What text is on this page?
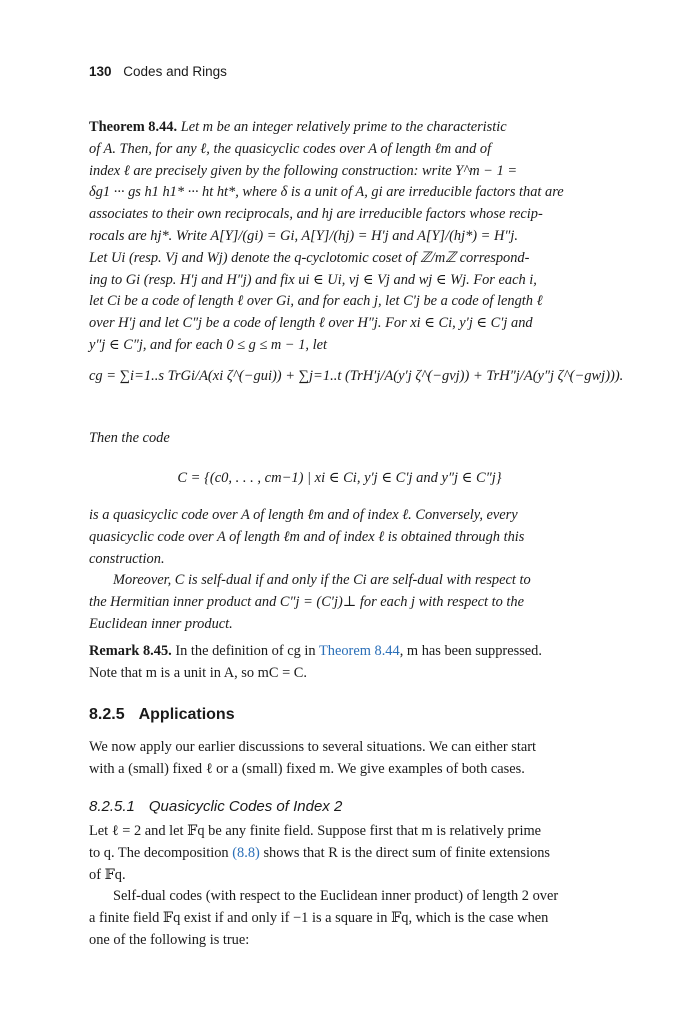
130 Codes and Rings
Theorem 8.44. Let m be an integer relatively prime to the characteristic
of A. Then, for any ℓ, the quasicyclic codes over A of length ℓm and of
index ℓ are precisely given by the following construction: write Y^m − 1 =
δg1 ··· gs h1 h1* ··· ht ht*, where δ is a unit of A, gi are irreducible factors that are
associates to their own reciprocals, and hj are irreducible factors whose recip-
rocals are hj*. Write A[Y]/(gi) = Gi, A[Y]/(hj) = H′j and A[Y]/(hj*) = H″j.
Let Ui (resp. Vj and Wj) denote the q-cyclotomic coset of ℤ/mℤ correspond-
ing to Gi (resp. H′j and H″j) and fix ui ∈ Ui, vj ∈ Vj and wj ∈ Wj. For each i,
let Ci be a code of length ℓ over Gi, and for each j, let C′j be a code of length ℓ
over H′j and let C″j be a code of length ℓ over H″j. For xi ∈ Ci, y′j ∈ C′j and
y″j ∈ C″j, and for each 0 ≤ g ≤ m − 1, let
cg = ∑i=1..s TrGi/A(xi ζ^(−gui)) + ∑j=1..t (TrH′j/A(y′j ζ^(−gvj)) + TrH″j/A(y″j ζ^(−gwj))).
Then the code
C = {(c0, . . . , cm−1) | xi ∈ Ci, y′j ∈ C′j and y″j ∈ C″j}
is a quasicyclic code over A of length ℓm and of index ℓ. Conversely, every
quasicyclic code over A of length ℓm and of index ℓ is obtained through this
construction.
Moreover, C is self-dual if and only if the Ci are self-dual with respect to
the Hermitian inner product and C″j = (C′j)⊥ for each j with respect to the
Euclidean inner product.
Remark 8.45. In the definition of cg in Theorem 8.44, m has been suppressed.
Note that m is a unit in A, so mC = C.
8.2.5 Applications
We now apply our earlier discussions to several situations. We can either start
with a (small) fixed ℓ or a (small) fixed m. We give examples of both cases.
8.2.5.1 Quasicyclic Codes of Index 2
Let ℓ = 2 and let 𝔽q be any finite field. Suppose first that m is relatively prime
to q. The decomposition (8.8) shows that R is the direct sum of finite extensions
of 𝔽q.
Self-dual codes (with respect to the Euclidean inner product) of length 2 over
a finite field 𝔽q exist if and only if −1 is a square in 𝔽q, which is the case when
one of the following is true:
